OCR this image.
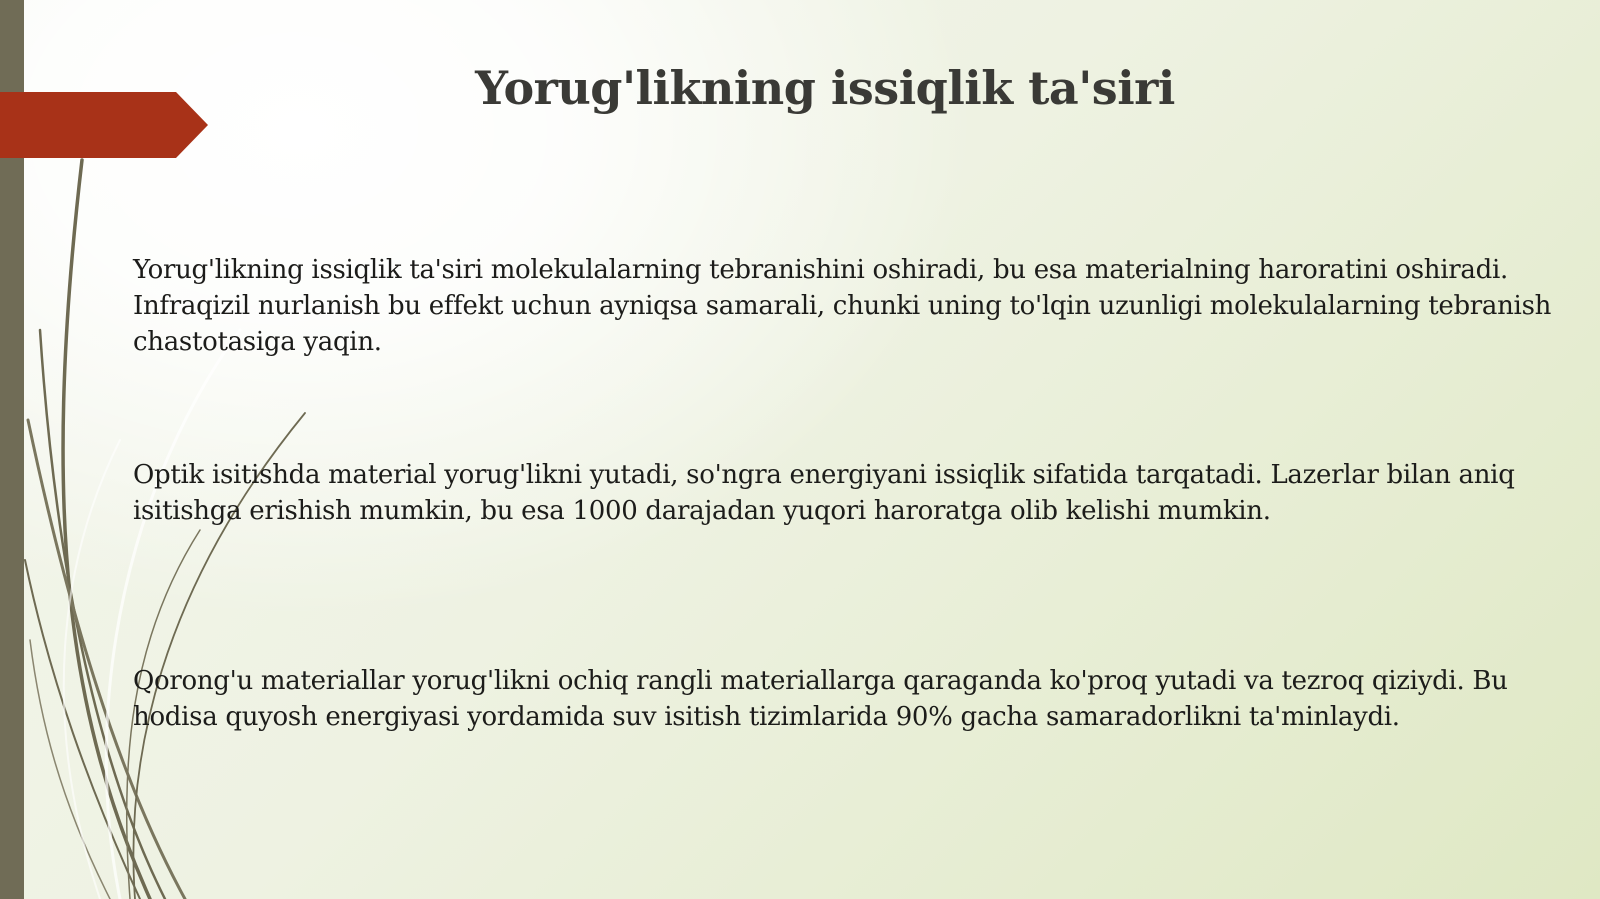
Yorug'likning issiqlik ta'siri

Yorug'likning issiqlik ta'siri molekulalarning tebranishini oshiradi, bu esa materialning haroratini oshiradi. Infraqizil nurlanish bu effekt uchun ayniqsa samarali, chunki uning to'lqin uzunligi molekulalarning tebranish chastotasiga yaqin.

Optik isitishda material yorug'likni yutadi, so'ngra energiyani issiqlik sifatida tarqatadi. Lazerlar bilan aniq isitishga erishish mumkin, bu esa 1000 darajadan yuqori haroratga olib kelishi mumkin.

Qorong'u materiallar yorug'likni ochiq rangli materiallarga qaraganda ko'proq yutadi va tezroq qiziydi. Bu hodisa quyosh energiyasi yordamida suv isitish tizimlarida 90% gacha samaradorlikni ta'minlaydi.
